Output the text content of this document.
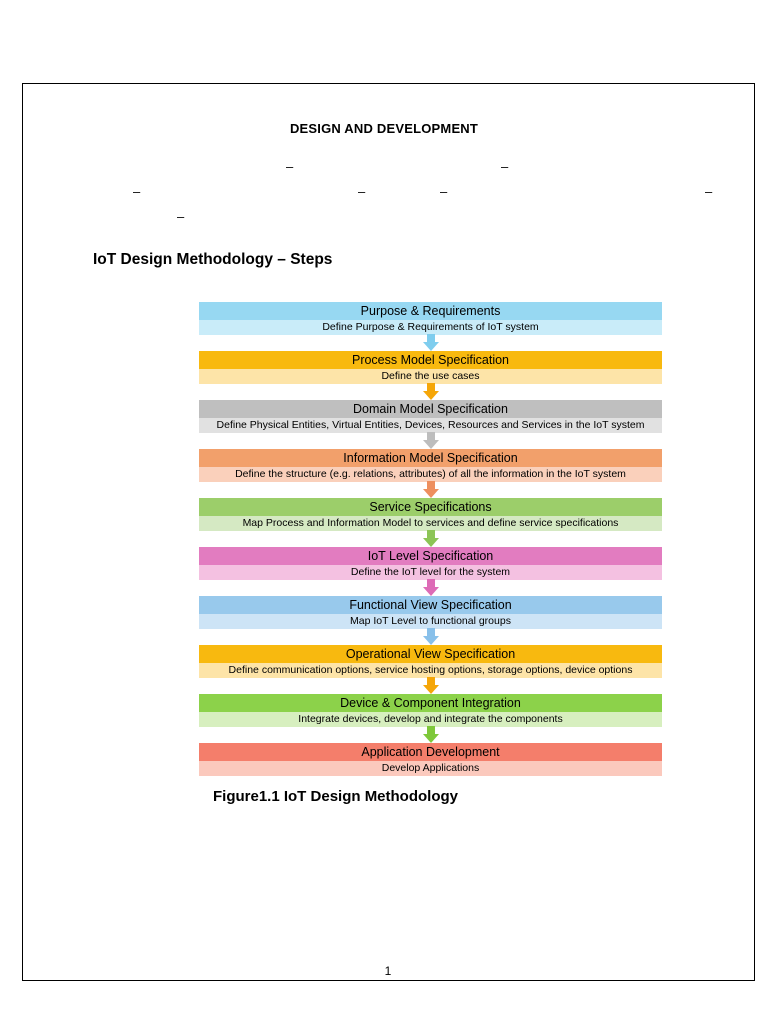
DESIGN AND DEVELOPMENT
–	–
–	–	–	–
–
IoT Design Methodology – Steps
Purpose & Requirements
Define Purpose & Requirements of IoT system
Process Model Specification
Define the use cases
Domain Model Specification
Define Physical Entities, Virtual Entities, Devices, Resources and Services in the IoT system
Information Model Specification
Define the structure (e.g. relations, attributes) of all the information in the IoT system
Service Specifications
Map Process and Information Model to services and define service specifications
IoT Level Specification
Define the IoT level for the system
Functional View Specification
Map IoT Level to functional groups
Operational View Specification
Define communication options, service hosting options, storage options, device options
Device & Component Integration
Integrate devices, develop and integrate the components
Application Development
Develop Applications
Figure1.1 IoT Design Methodology
1
